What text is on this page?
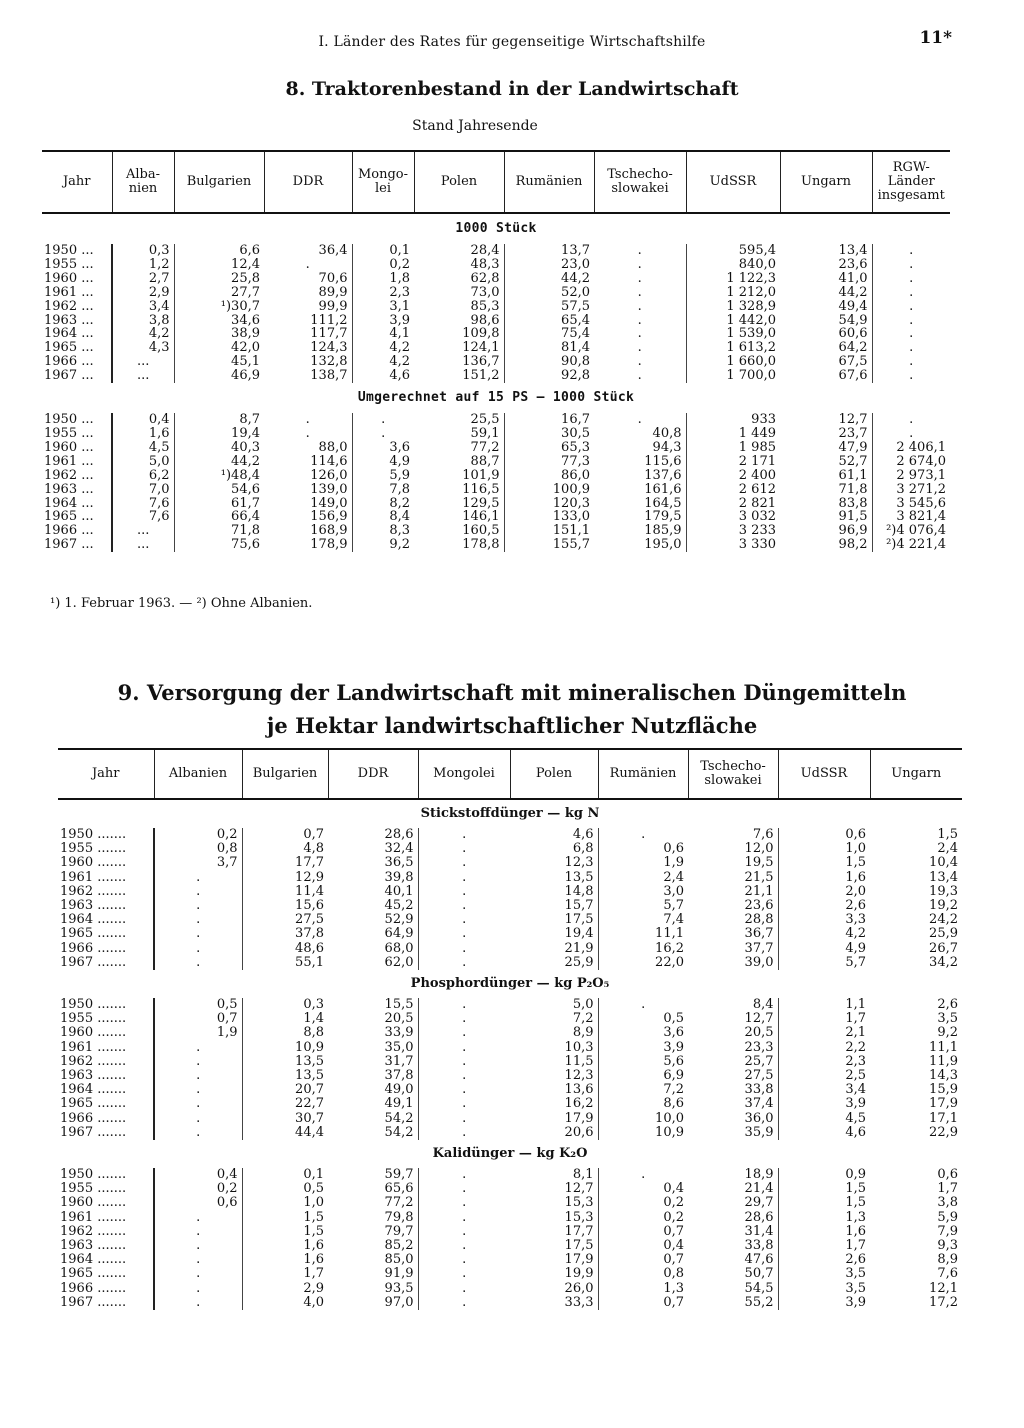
I. Länder des Rates für gegenseitige Wirtschaftshilfe	11*
8. Traktorenbestand in der Landwirtschaft
Stand Jahresende
Jahr	Alba-nien	Bulgarien	DDR	Mongo-lei	Polen	Rumänien	Tschecho-slowakei	UdSSR	Ungarn	RGW-Länder insgesamt
1000 Stück										
1950 ...	0,3	6,6	36,4	0,1	28,4	13,7	.	595,4	13,4	.
1955 ...	1,2	12,4	.	0,2	48,3	23,0	.	840,0	23,6	.
1960 ...	2,7	25,8	70,6	1,8	62,8	44,2	.	1 122,3	41,0	.
1961 ...	2,9	27,7	89,9	2,3	73,0	52,0	.	1 212,0	44,2	.
1962 ...	3,4	¹)30,7	99,9	3,1	85,3	57,5	.	1 328,9	49,4	.
1963 ...	3,8	34,6	111,2	3,9	98,6	65,4	.	1 442,0	54,9	.
1964 ...	4,2	38,9	117,7	4,1	109,8	75,4	.	1 539,0	60,6	.
1965 ...	4,3	42,0	124,3	4,2	124,1	81,4	.	1 613,2	64,2	.
1966 ...	...	45,1	132,8	4,2	136,7	90,8	.	1 660,0	67,5	.
1967 ...	...	46,9	138,7	4,6	151,2	92,8	.	1 700,0	67,6	.
Umgerechnet auf 15 PS — 1000 Stück										
1950 ...	0,4	8,7	.	.	25,5	16,7	.	933	12,7	.
1955 ...	1,6	19,4	.	.	59,1	30,5	40,8	1 449	23,7	.
1960 ...	4,5	40,3	88,0	3,6	77,2	65,3	94,3	1 985	47,9	2 406,1
1961 ...	5,0	44,2	114,6	4,9	88,7	77,3	115,6	2 171	52,7	2 674,0
1962 ...	6,2	¹)48,4	126,0	5,9	101,9	86,0	137,6	2 400	61,1	2 973,1
1963 ...	7,0	54,6	139,0	7,8	116,5	100,9	161,6	2 612	71,8	3 271,2
1964 ...	7,6	61,7	149,0	8,2	129,5	120,3	164,5	2 821	83,8	3 545,6
1965 ...	7,6	66,4	156,9	8,4	146,1	133,0	179,5	3 032	91,5	3 821,4
1966 ...	...	71,8	168,9	8,3	160,5	151,1	185,9	3 233	96,9	²)4 076,4
1967 ...	...	75,6	178,9	9,2	178,8	155,7	195,0	3 330	98,2	²)4 221,4
¹) 1. Februar 1963. — ²) Ohne Albanien.
9. Versorgung der Landwirtschaft mit mineralischen Düngemitteln
je Hektar landwirtschaftlicher Nutzfläche
Jahr	Albanien	Bulgarien	DDR	Mongolei	Polen	Rumänien	Tschecho-slowakei	UdSSR	Ungarn
Stickstoffdünger — kg N									
1950 .......	0,2	0,7	28,6	.	4,6	.	7,6	0,6	1,5
1955 .......	0,8	4,8	32,4	.	6,8	0,6	12,0	1,0	2,4
1960 .......	3,7	17,7	36,5	.	12,3	1,9	19,5	1,5	10,4
1961 .......	.	12,9	39,8	.	13,5	2,4	21,5	1,6	13,4
1962 .......	.	11,4	40,1	.	14,8	3,0	21,1	2,0	19,3
1963 .......	.	15,6	45,2	.	15,7	5,7	23,6	2,6	19,2
1964 .......	.	27,5	52,9	.	17,5	7,4	28,8	3,3	24,2
1965 .......	.	37,8	64,9	.	19,4	11,1	36,7	4,2	25,9
1966 .......	.	48,6	68,0	.	21,9	16,2	37,7	4,9	26,7
1967 .......	.	55,1	62,0	.	25,9	22,0	39,0	5,7	34,2
Phosphordünger — kg P₂O₅									
1950 .......	0,5	0,3	15,5	.	5,0	.	8,4	1,1	2,6
1955 .......	0,7	1,4	20,5	.	7,2	0,5	12,7	1,7	3,5
1960 .......	1,9	8,8	33,9	.	8,9	3,6	20,5	2,1	9,2
1961 .......	.	10,9	35,0	.	10,3	3,9	23,3	2,2	11,1
1962 .......	.	13,5	31,7	.	11,5	5,6	25,7	2,3	11,9
1963 .......	.	13,5	37,8	.	12,3	6,9	27,5	2,5	14,3
1964 .......	.	20,7	49,0	.	13,6	7,2	33,8	3,4	15,9
1965 .......	.	22,7	49,1	.	16,2	8,6	37,4	3,9	17,9
1966 .......	.	30,7	54,2	.	17,9	10,0	36,0	4,5	17,1
1967 .......	.	44,4	54,2	.	20,6	10,9	35,9	4,6	22,9
Kalidünger — kg K₂O									
1950 .......	0,4	0,1	59,7	.	8,1	.	18,9	0,9	0,6
1955 .......	0,2	0,5	65,6	.	12,7	0,4	21,4	1,5	1,7
1960 .......	0,6	1,0	77,2	.	15,3	0,2	29,7	1,5	3,8
1961 .......	.	1,5	79,8	.	15,3	0,2	28,6	1,3	5,9
1962 .......	.	1,5	79,7	.	17,7	0,7	31,4	1,6	7,9
1963 .......	.	1,6	85,2	.	17,5	0,4	33,8	1,7	9,3
1964 .......	.	1,6	85,0	.	17,9	0,7	47,6	2,6	8,9
1965 .......	.	1,7	91,9	.	19,9	0,8	50,7	3,5	7,6
1966 .......	.	2,9	93,5	.	26,0	1,3	54,5	3,5	12,1
1967 .......	.	4,0	97,0	.	33,3	0,7	55,2	3,9	17,2
